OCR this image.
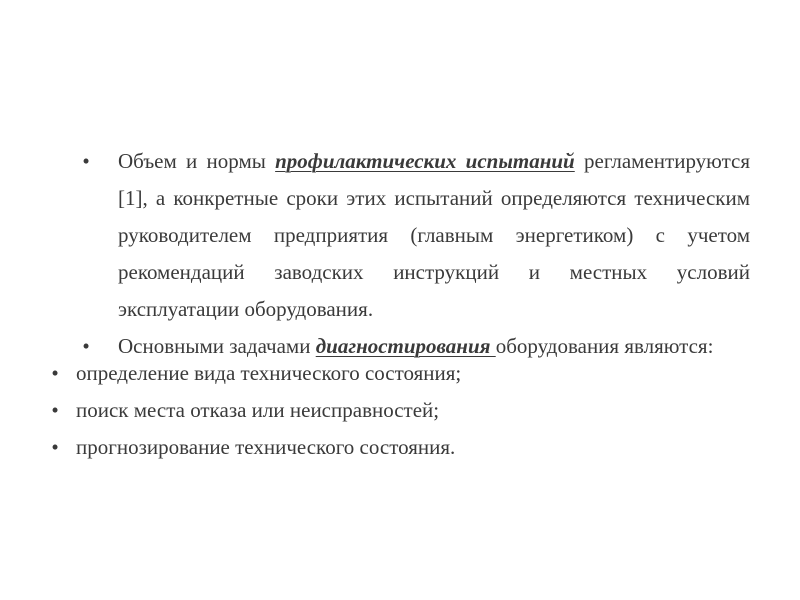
• Объем и нормы профилактических испытаний регламентируются [1], а конкретные сроки этих испытаний определяются техническим руководителем предприятия (главным энергетиком) с учетом рекомендаций заводских инструкций и местных условий эксплуатации оборудования.
• Основными задачами диагностирования оборудования являются:
• определение вида технического состояния;
• поиск места отказа или неисправностей;
• прогнозирование технического состояния.
